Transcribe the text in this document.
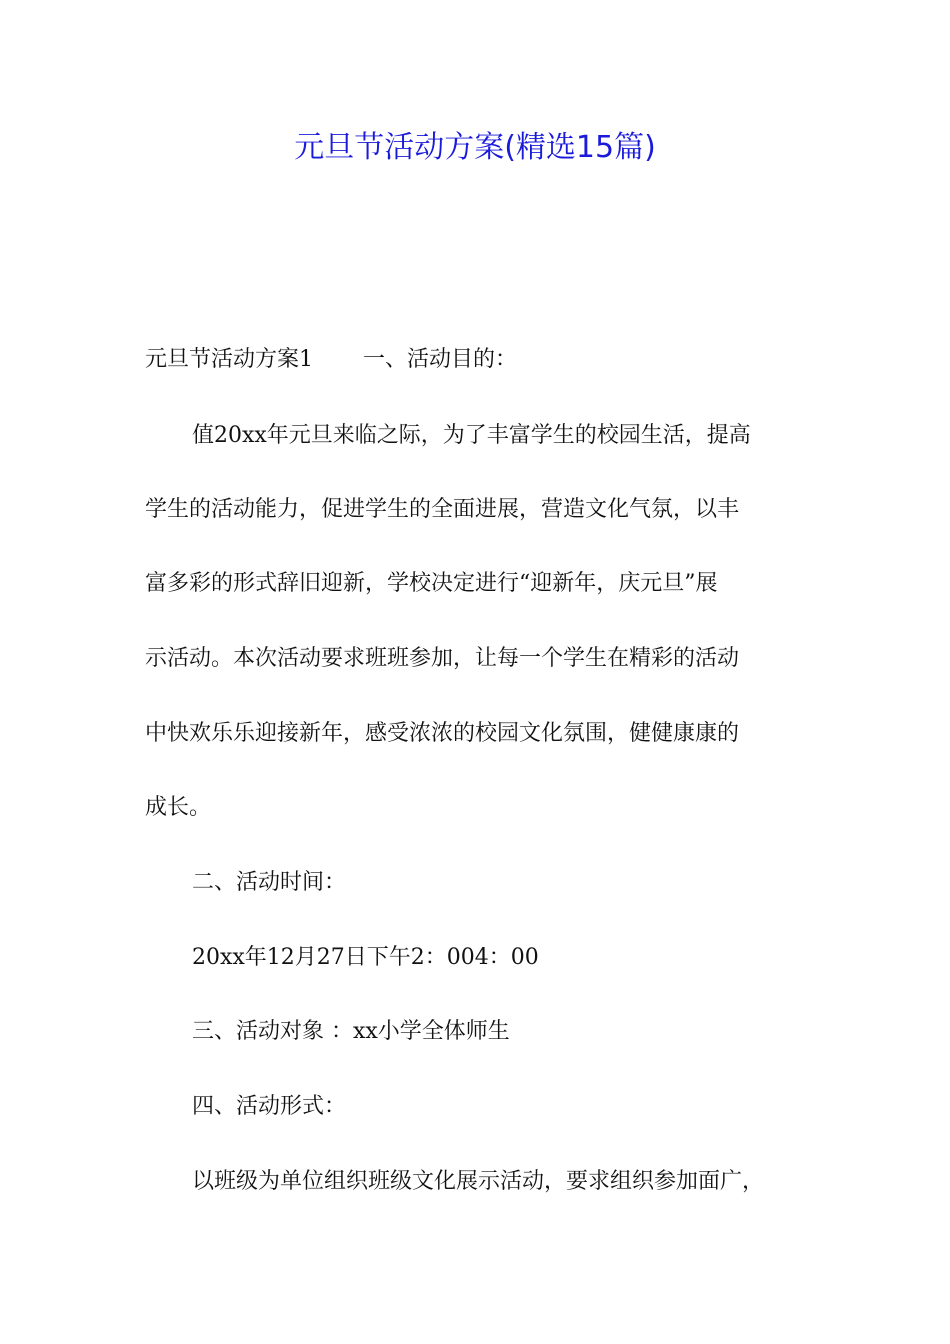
元旦节活动方案(精选15篇)
元旦节活动方案1 一、活动目的：
值20xx年元旦来临之际，为了丰富学生的校园生活，提高
学生的活动能力，促进学生的全面进展，营造文化气氛，以丰
富多彩的形式辞旧迎新，学校决定进行“迎新年，庆元旦”展
示活动。本次活动要求班班参加，让每一个学生在精彩的活动
中快欢乐乐迎接新年，感受浓浓的校园文化氛围，健健康康的
成长。
二、活动时间：
20xx年12月27日下午2：004：00
三、活动对象 ：xx小学全体师生
四、活动形式：
以班级为单位组织班级文化展示活动，要求组织参加面广，
